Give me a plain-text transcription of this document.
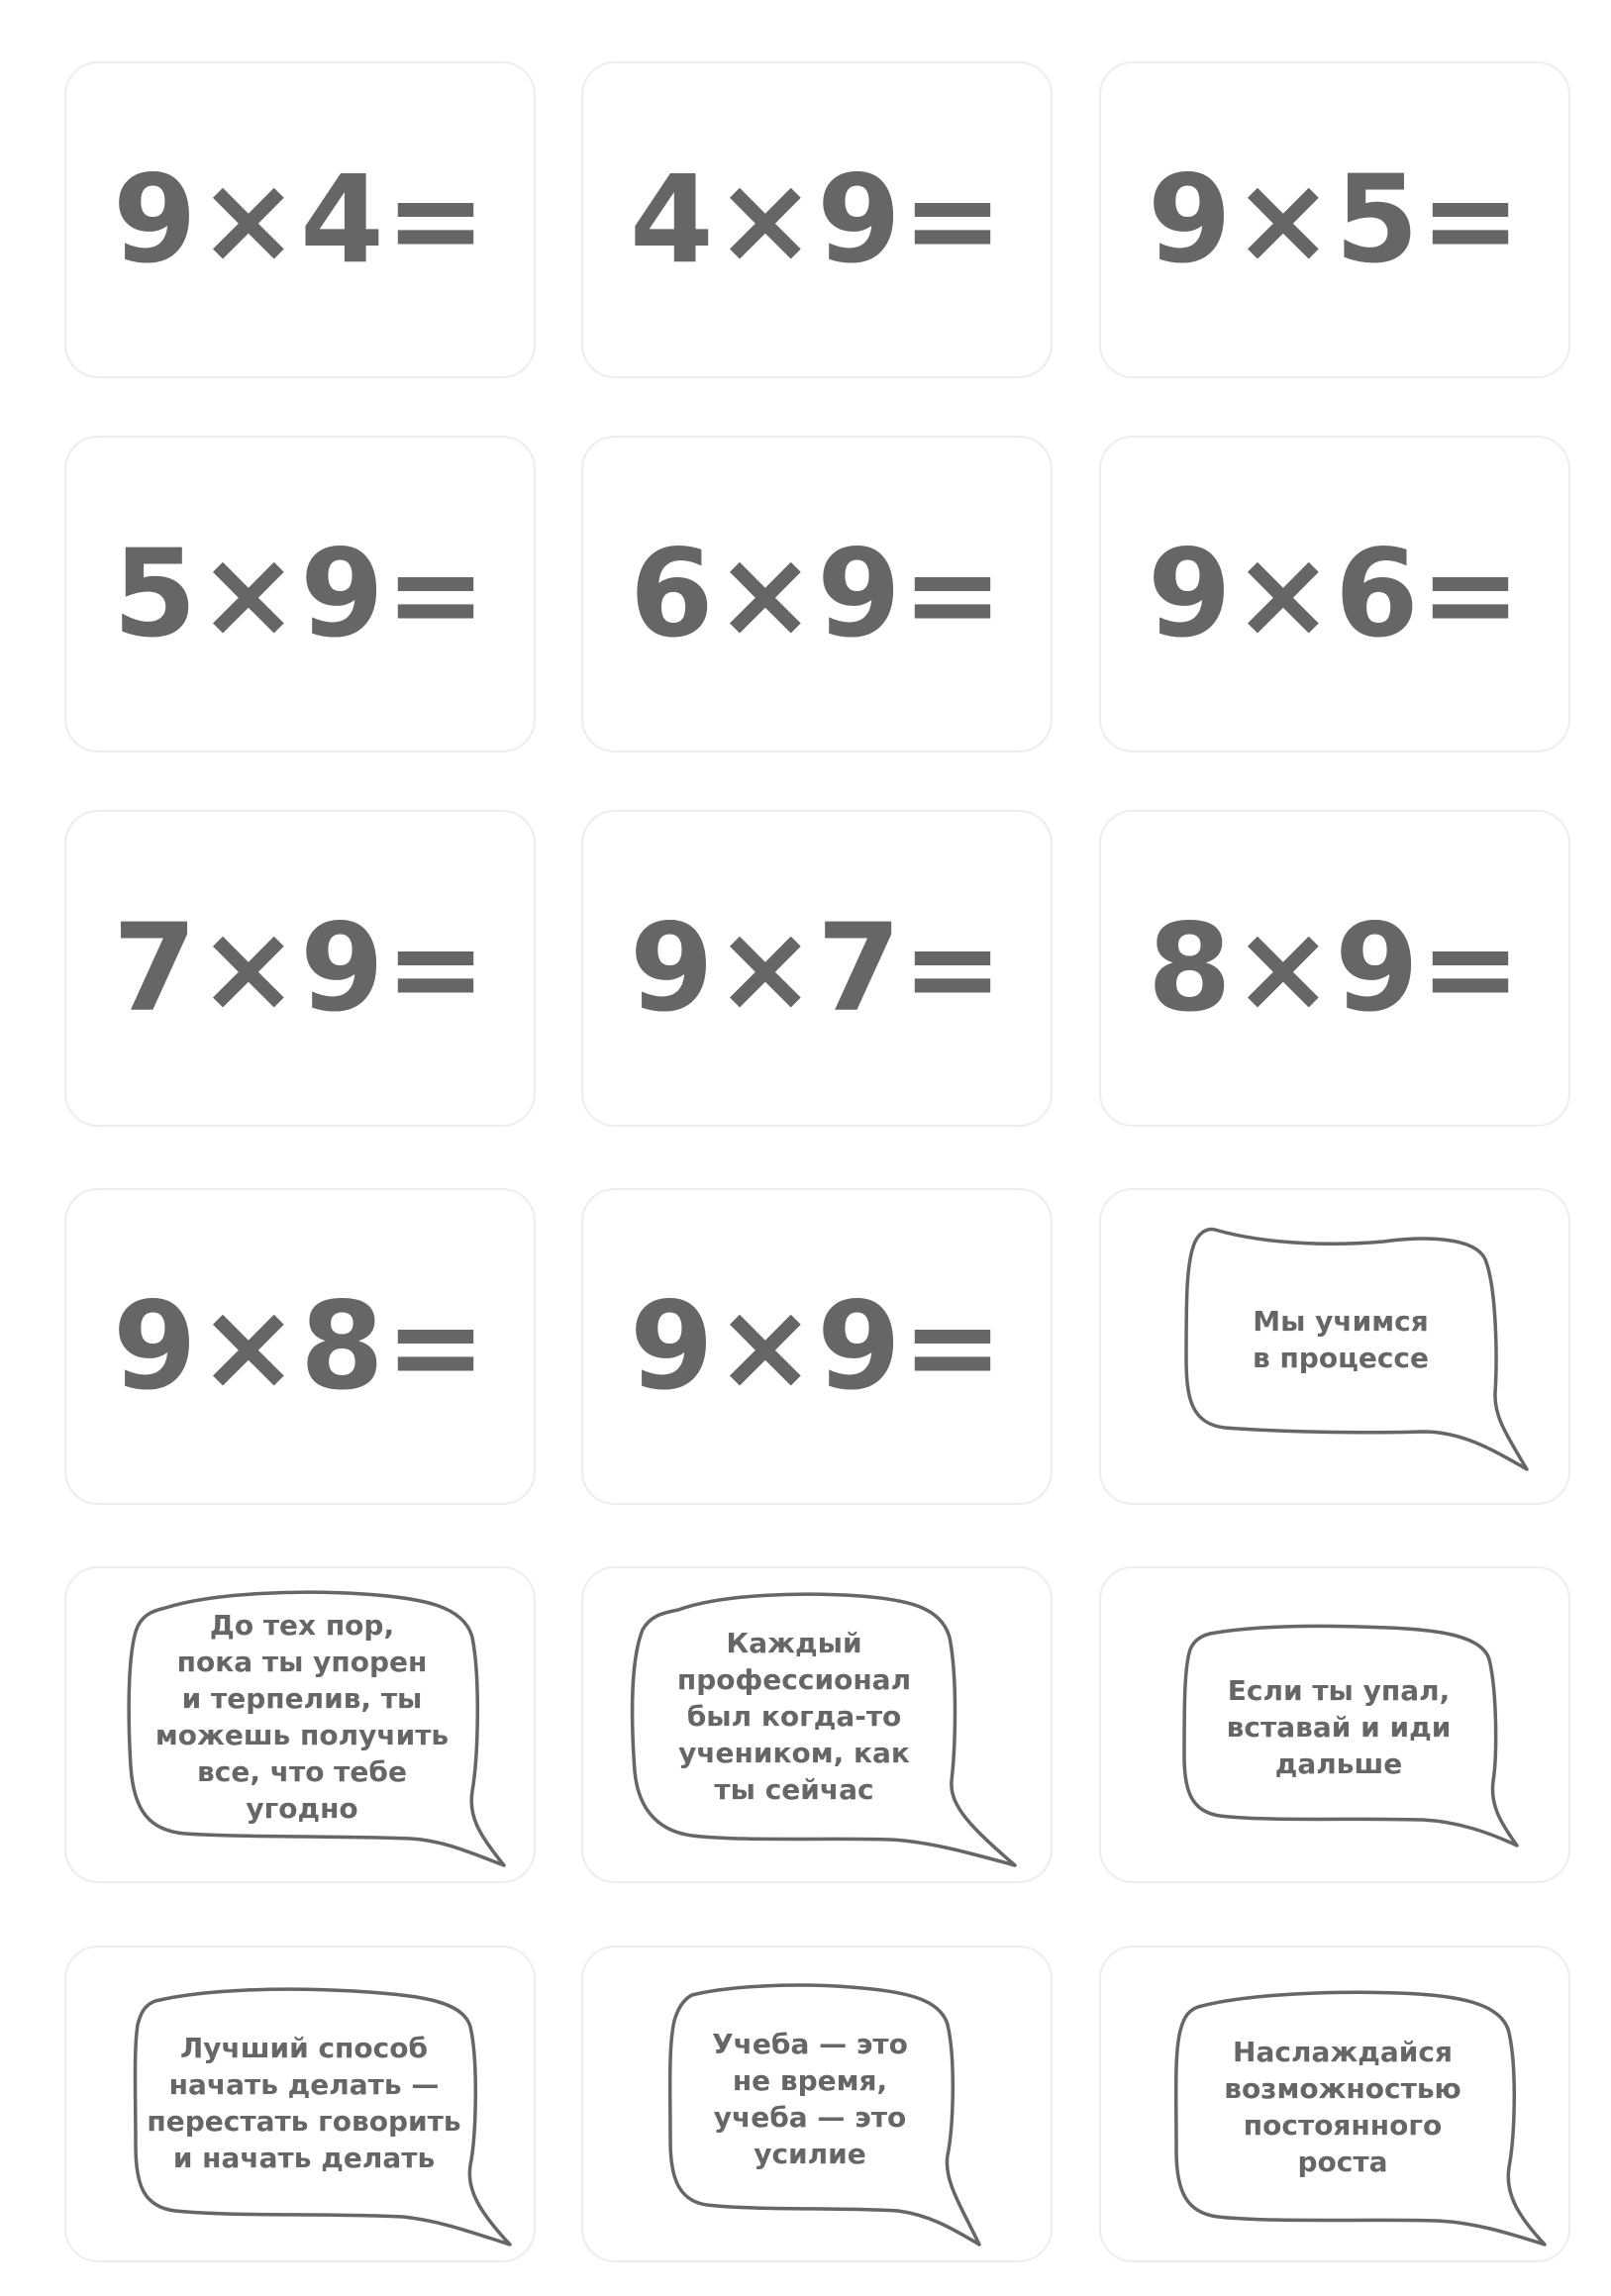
9×4= 4×9= 9×5=
5×9= 6×9= 9×6=
7×9= 9×7= 8×9=
9×8= 9×9=	Мы учимся
в процессе
До тех пор,
пока ты упорен
и терпелив, ты
можешь получить
все, что тебе
угодно
Каждый
профессионал
был когда-то
учеником, как
ты сейчас
Если ты упал,
вставай и иди
дальше
Лучший способ
начать делать —
перестать говорить
и начать делать
Учеба — это
не время,
учеба — это
усилие
Наслаждайся
возможностью
постоянного
роста
